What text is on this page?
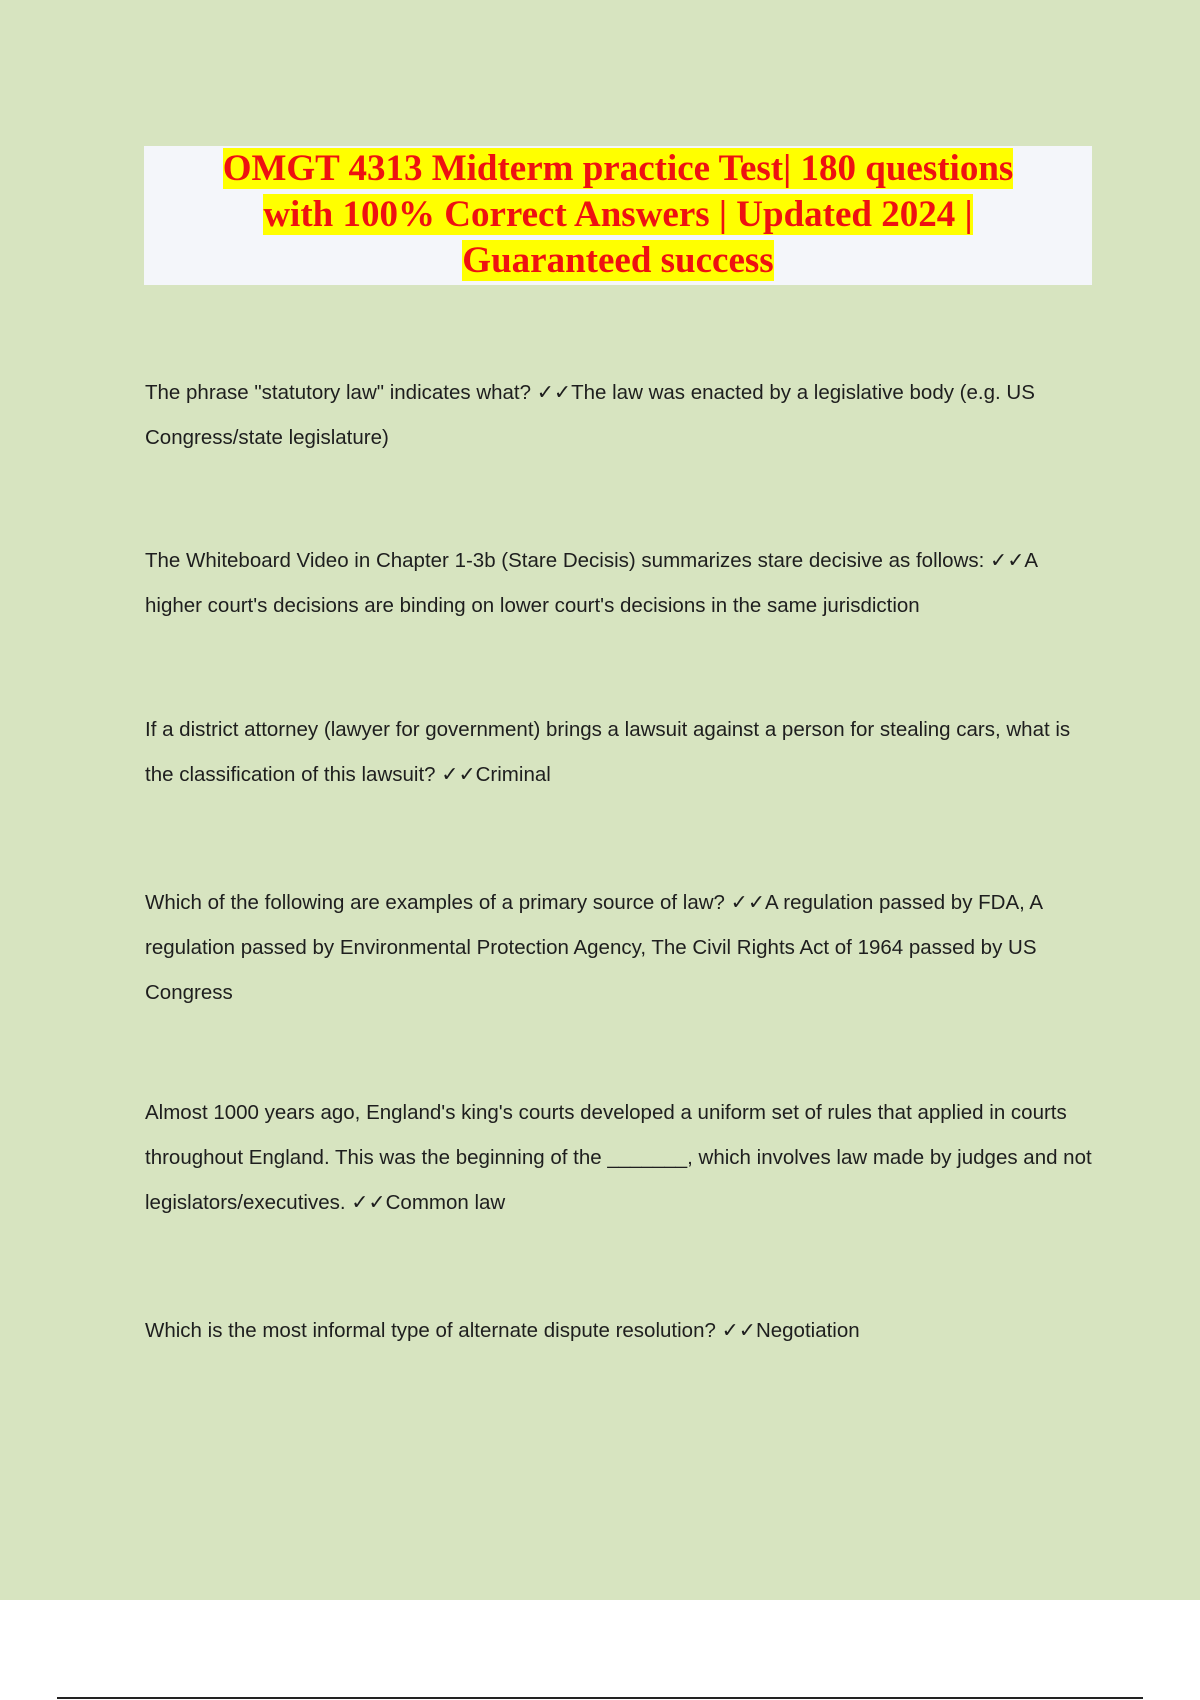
OMGT 4313 Midterm practice Test| 180 questions
with 100% Correct Answers | Updated 2024 |
Guaranteed success
The phrase "statutory law" indicates what? ✓✓The law was enacted by a legislative body (e.g. US Congress/state legislature)
The Whiteboard Video in Chapter 1-3b (Stare Decisis) summarizes stare decisive as follows: ✓✓A higher court's decisions are binding on lower court's decisions in the same jurisdiction
If a district attorney (lawyer for government) brings a lawsuit against a person for stealing cars, what is the classification of this lawsuit? ✓✓Criminal
Which of the following are examples of a primary source of law? ✓✓A regulation passed by FDA, A regulation passed by Environmental Protection Agency, The Civil Rights Act of 1964 passed by US Congress
Almost 1000 years ago, England's king's courts developed a uniform set of rules that applied in courts throughout England. This was the beginning of the _______, which involves law made by judges and not legislators/executives. ✓✓Common law
Which is the most informal type of alternate dispute resolution? ✓✓Negotiation
